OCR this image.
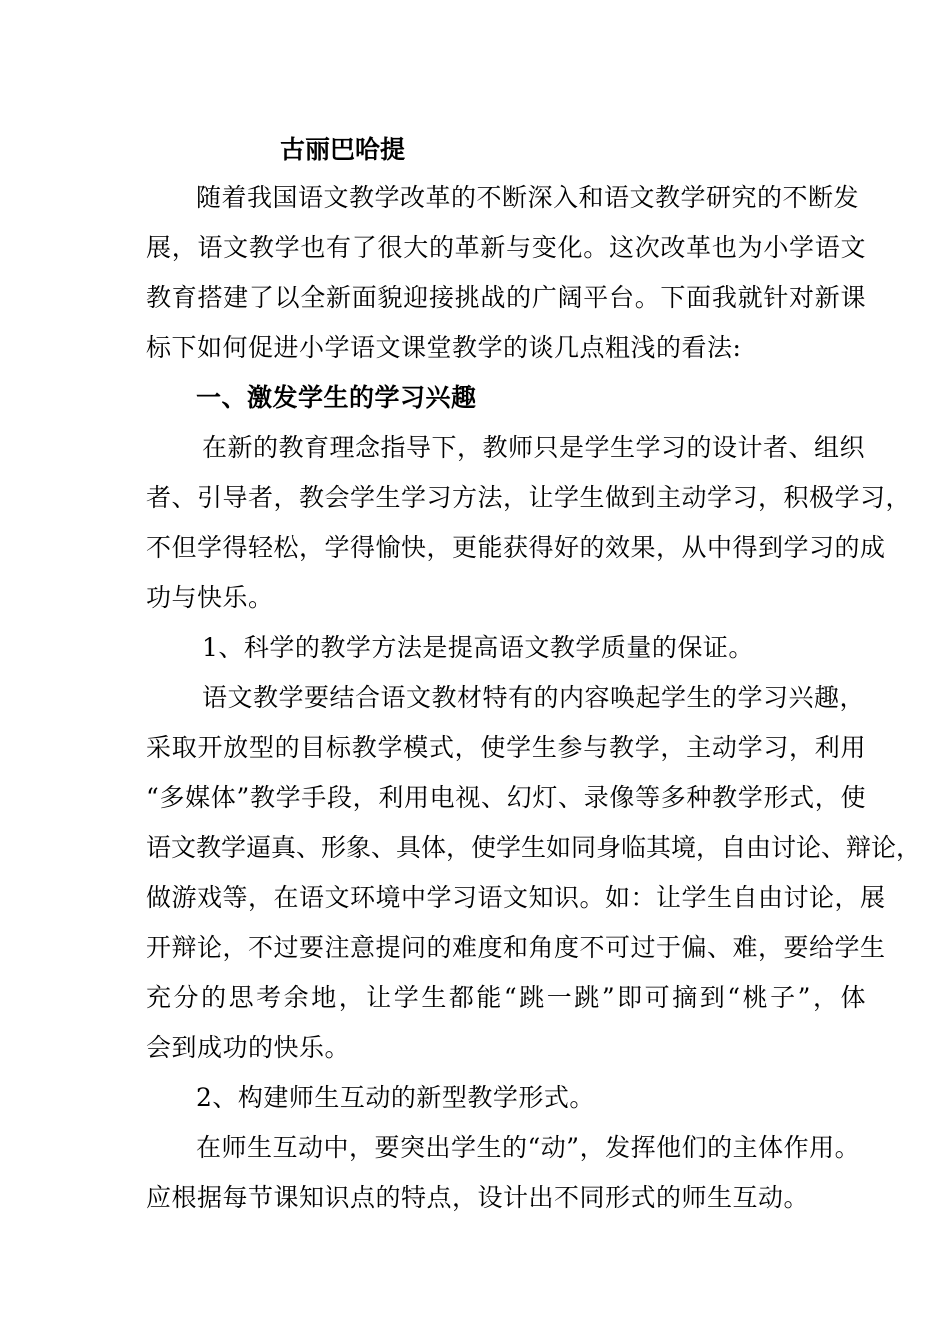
古丽巴哈提
随着我国语文教学改革的不断深入和语文教学研究的不断发
展，语文教学也有了很大的革新与变化。这次改革也为小学语文
教育搭建了以全新面貌迎接挑战的广阔平台。下面我就针对新课
标下如何促进小学语文课堂教学的谈几点粗浅的看法:
一、激发学生的学习兴趣
在新的教育理念指导下，教师只是学生学习的设计者、组织
者、引导者，教会学生学习方法，让学生做到主动学习，积极学习，
不但学得轻松，学得愉快，更能获得好的效果，从中得到学习的成
功与快乐。
1、科学的教学方法是提高语文教学质量的保证。
语文教学要结合语文教材特有的内容唤起学生的学习兴趣，
采取开放型的目标教学模式，使学生参与教学，主动学习，利用
“多媒体”教学手段，利用电视、幻灯、录像等多种教学形式，使
语文教学逼真、形象、具体，使学生如同身临其境，自由讨论、辩论，
做游戏等，在语文环境中学习语文知识。如：让学生自由讨论，展
开辩论，不过要注意提问的难度和角度不可过于偏、难，要给学生
充分的思考余地，让学生都能“跳一跳”即可摘到“桃子”，体
会到成功的快乐。
2、构建师生互动的新型教学形式。
在师生互动中，要突出学生的“动”，发挥他们的主体作用。
应根据每节课知识点的特点，设计出不同形式的师生互动。
